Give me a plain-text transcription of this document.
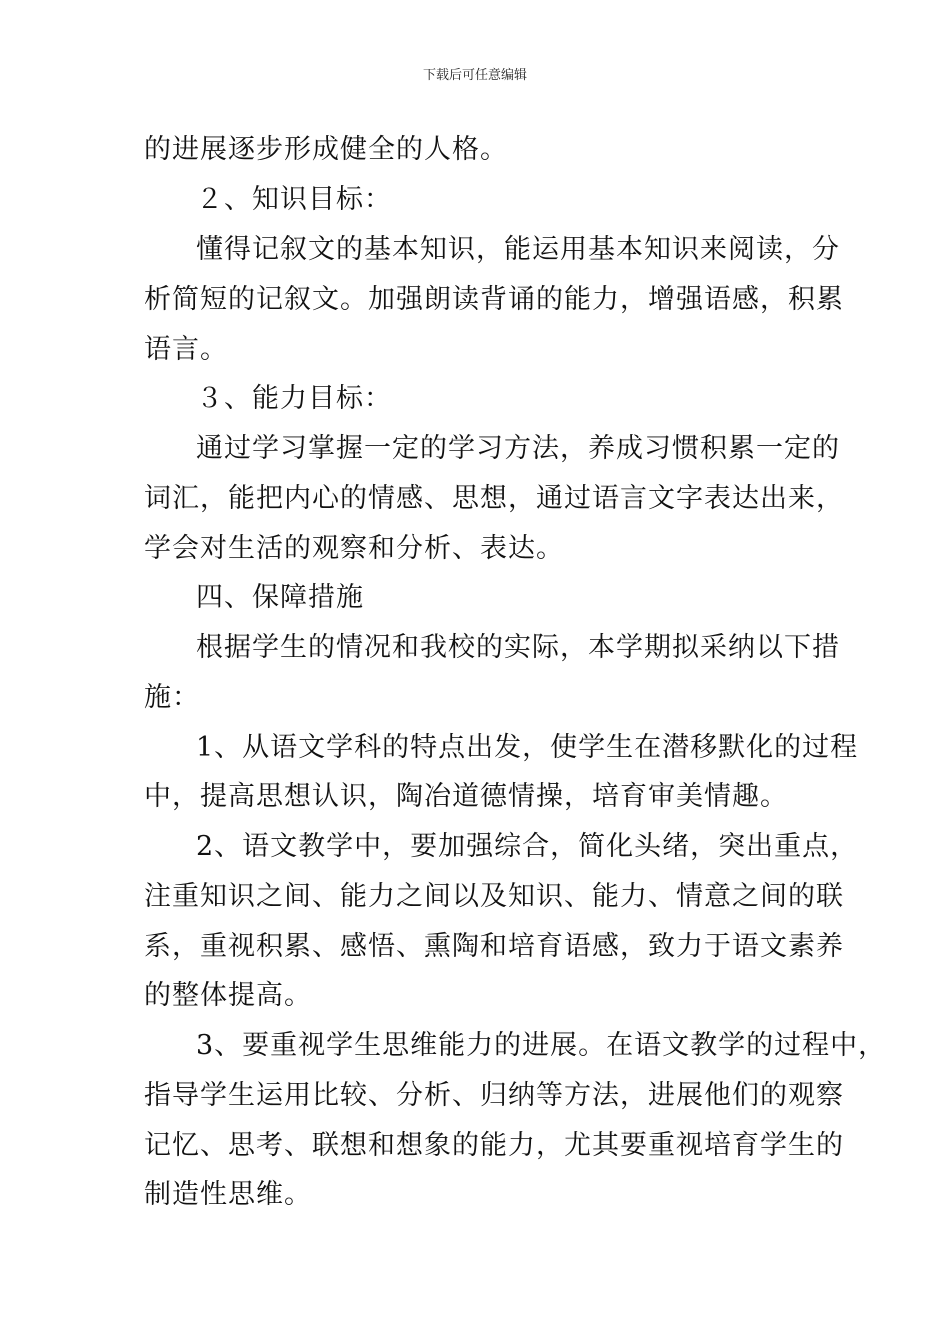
下载后可任意编辑
的进展逐步形成健全的人格。
２、知识目标：
懂得记叙文的基本知识，能运用基本知识来阅读，分
析简短的记叙文。加强朗读背诵的能力，增强语感，积累
语言。
３、能力目标：
通过学习掌握一定的学习方法，养成习惯积累一定的
词汇，能把内心的情感、思想，通过语言文字表达出来，
学会对生活的观察和分析、表达。
四、保障措施
根据学生的情况和我校的实际，本学期拟采纳以下措
施：
1、从语文学科的特点出发，使学生在潜移默化的过程
中，提高思想认识，陶冶道德情操，培育审美情趣。
2、语文教学中，要加强综合，简化头绪，突出重点，
注重知识之间、能力之间以及知识、能力、情意之间的联
系，重视积累、感悟、熏陶和培育语感，致力于语文素养
的整体提高。
3、要重视学生思维能力的进展。在语文教学的过程中，
指导学生运用比较、分析、归纳等方法，进展他们的观察
记忆、思考、联想和想象的能力，尤其要重视培育学生的
制造性思维。
